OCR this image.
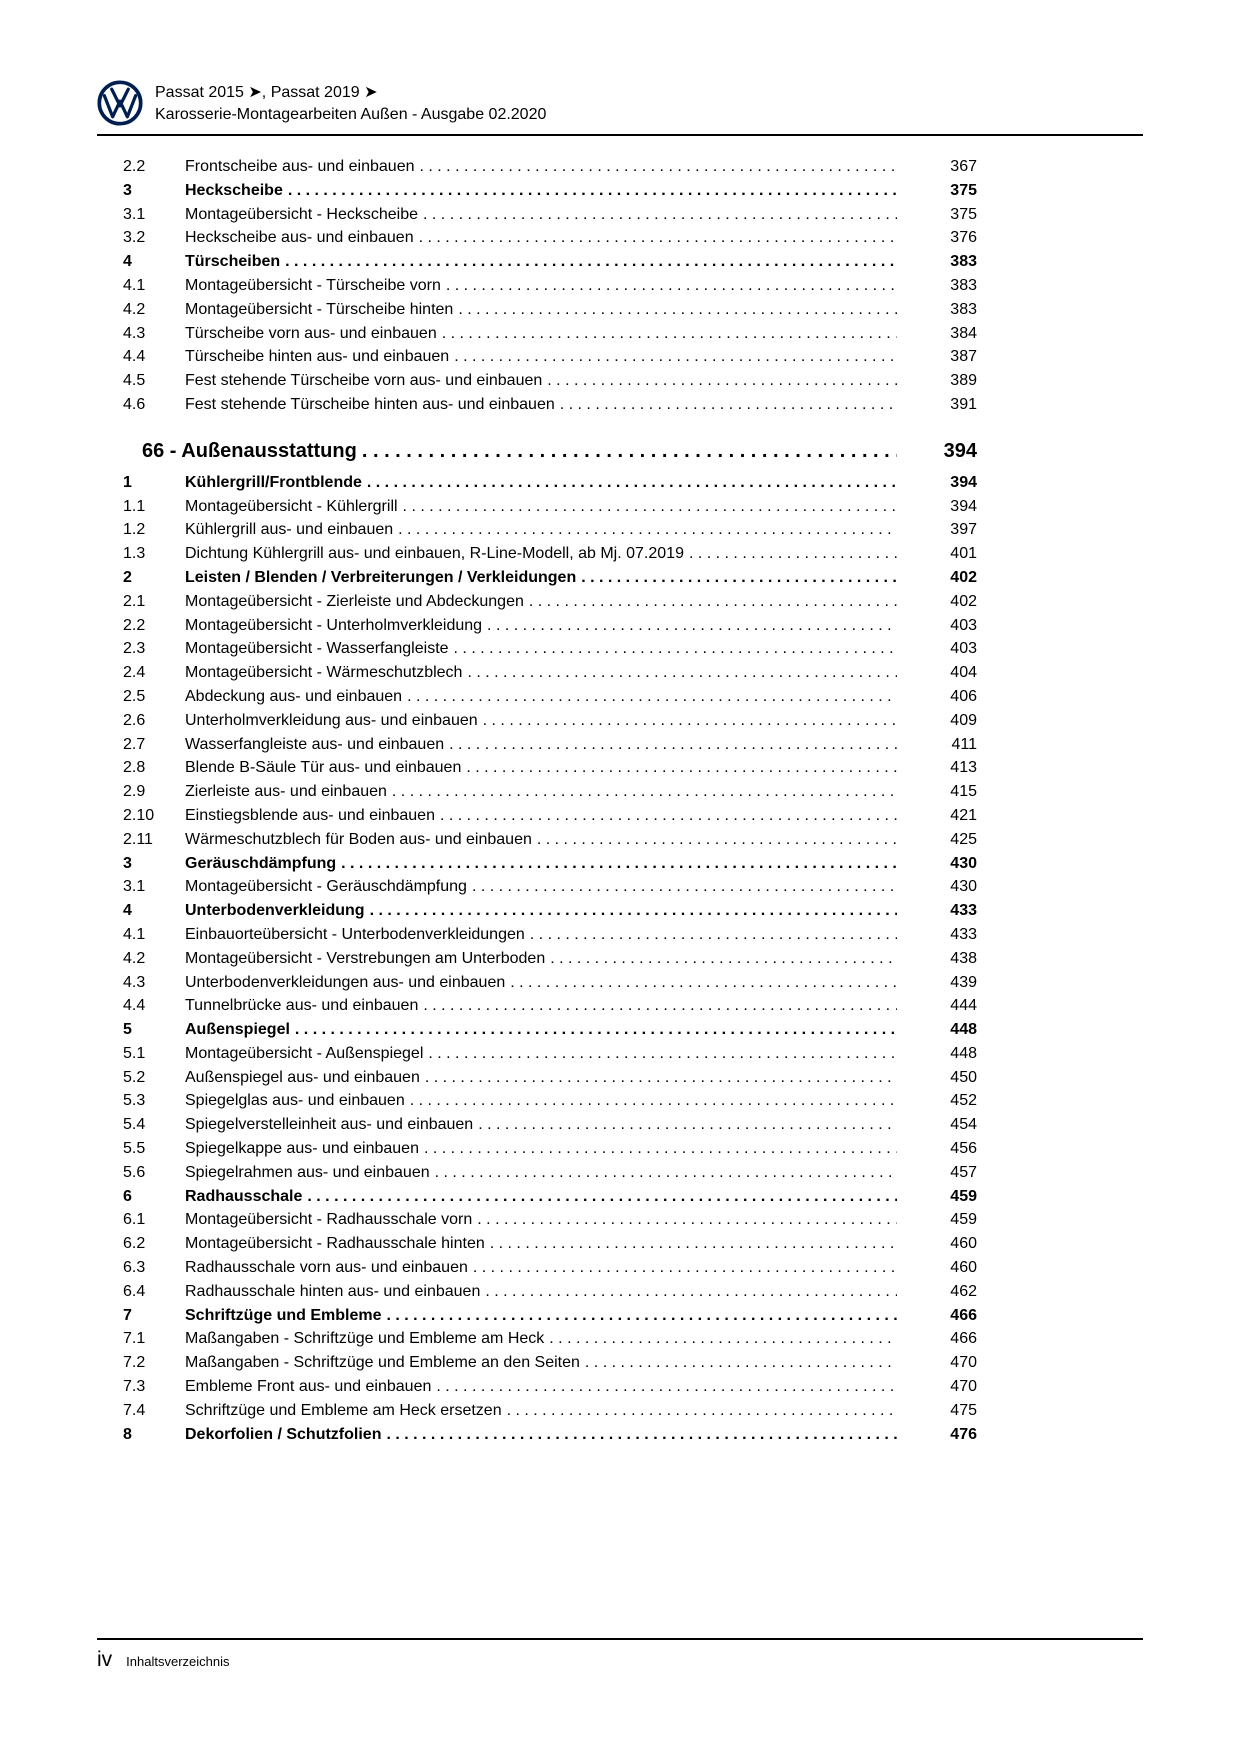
Passat 2015 ➤, Passat 2019 ➤
Karosserie-Montagearbeiten Außen - Ausgabe 02.2020
2.2	Frontscheibe aus- und einbauen . . .	367
3	Heckscheibe . . .	375
3.1	Montageübersicht - Heckscheibe . . .	375
3.2	Heckscheibe aus- und einbauen . . .	376
4	Türscheiben . . .	383
4.1	Montageübersicht - Türscheibe vorn . . .	383
4.2	Montageübersicht - Türscheibe hinten . . .	383
4.3	Türscheibe vorn aus- und einbauen . . .	384
4.4	Türscheibe hinten aus- und einbauen . . .	387
4.5	Fest stehende Türscheibe vorn aus- und einbauen . . .	389
4.6	Fest stehende Türscheibe hinten aus- und einbauen . . .	391
66 - Außenausstattung . . .	394
1	Kühlergrill/Frontblende . . .	394
1.1	Montageübersicht - Kühlergrill . . .	394
1.2	Kühlergrill aus- und einbauen . . .	397
1.3	Dichtung Kühlergrill aus- und einbauen, R-Line-Modell, ab Mj. 07.2019 . . .	401
2	Leisten / Blenden / Verbreiterungen / Verkleidungen . . .	402
2.1	Montageübersicht - Zierleiste und Abdeckungen . . .	402
2.2	Montageübersicht - Unterholmverkleidung . . .	403
2.3	Montageübersicht - Wasserfangleiste . . .	403
2.4	Montageübersicht - Wärmeschutzblech . . .	404
2.5	Abdeckung aus- und einbauen . . .	406
2.6	Unterholmverkleidung aus- und einbauen . . .	409
2.7	Wasserfangleiste aus- und einbauen . . .	411
2.8	Blende B-Säule Tür aus- und einbauen . . .	413
2.9	Zierleiste aus- und einbauen . . .	415
2.10	Einstiegsblende aus- und einbauen . . .	421
2.11	Wärmeschutzblech für Boden aus- und einbauen . . .	425
3	Geräuschdämpfung . . .	430
3.1	Montageübersicht - Geräuschdämpfung . . .	430
4	Unterbodenverkleidung . . .	433
4.1	Einbauorteübersicht - Unterbodenverkleidungen . . .	433
4.2	Montageübersicht - Verstrebungen am Unterboden . . .	438
4.3	Unterbodenverkleidungen aus- und einbauen . . .	439
4.4	Tunnelbrücke aus- und einbauen . . .	444
5	Außenspiegel . . .	448
5.1	Montageübersicht - Außenspiegel . . .	448
5.2	Außenspiegel aus- und einbauen . . .	450
5.3	Spiegelglas aus- und einbauen . . .	452
5.4	Spiegelverstelleinheit aus- und einbauen . . .	454
5.5	Spiegelkappe aus- und einbauen . . .	456
5.6	Spiegelrahmen aus- und einbauen . . .	457
6	Radhausschale . . .	459
6.1	Montageübersicht - Radhausschale vorn . . .	459
6.2	Montageübersicht - Radhausschale hinten . . .	460
6.3	Radhausschale vorn aus- und einbauen . . .	460
6.4	Radhausschale hinten aus- und einbauen . . .	462
7	Schriftzüge und Embleme . . .	466
7.1	Maßangaben - Schriftzüge und Embleme am Heck . . .	466
7.2	Maßangaben - Schriftzüge und Embleme an den Seiten . . .	470
7.3	Embleme Front aus- und einbauen . . .	470
7.4	Schriftzüge und Embleme am Heck ersetzen . . .	475
8	Dekorfolien / Schutzfolien . . .	476
iv Inhaltsverzeichnis
